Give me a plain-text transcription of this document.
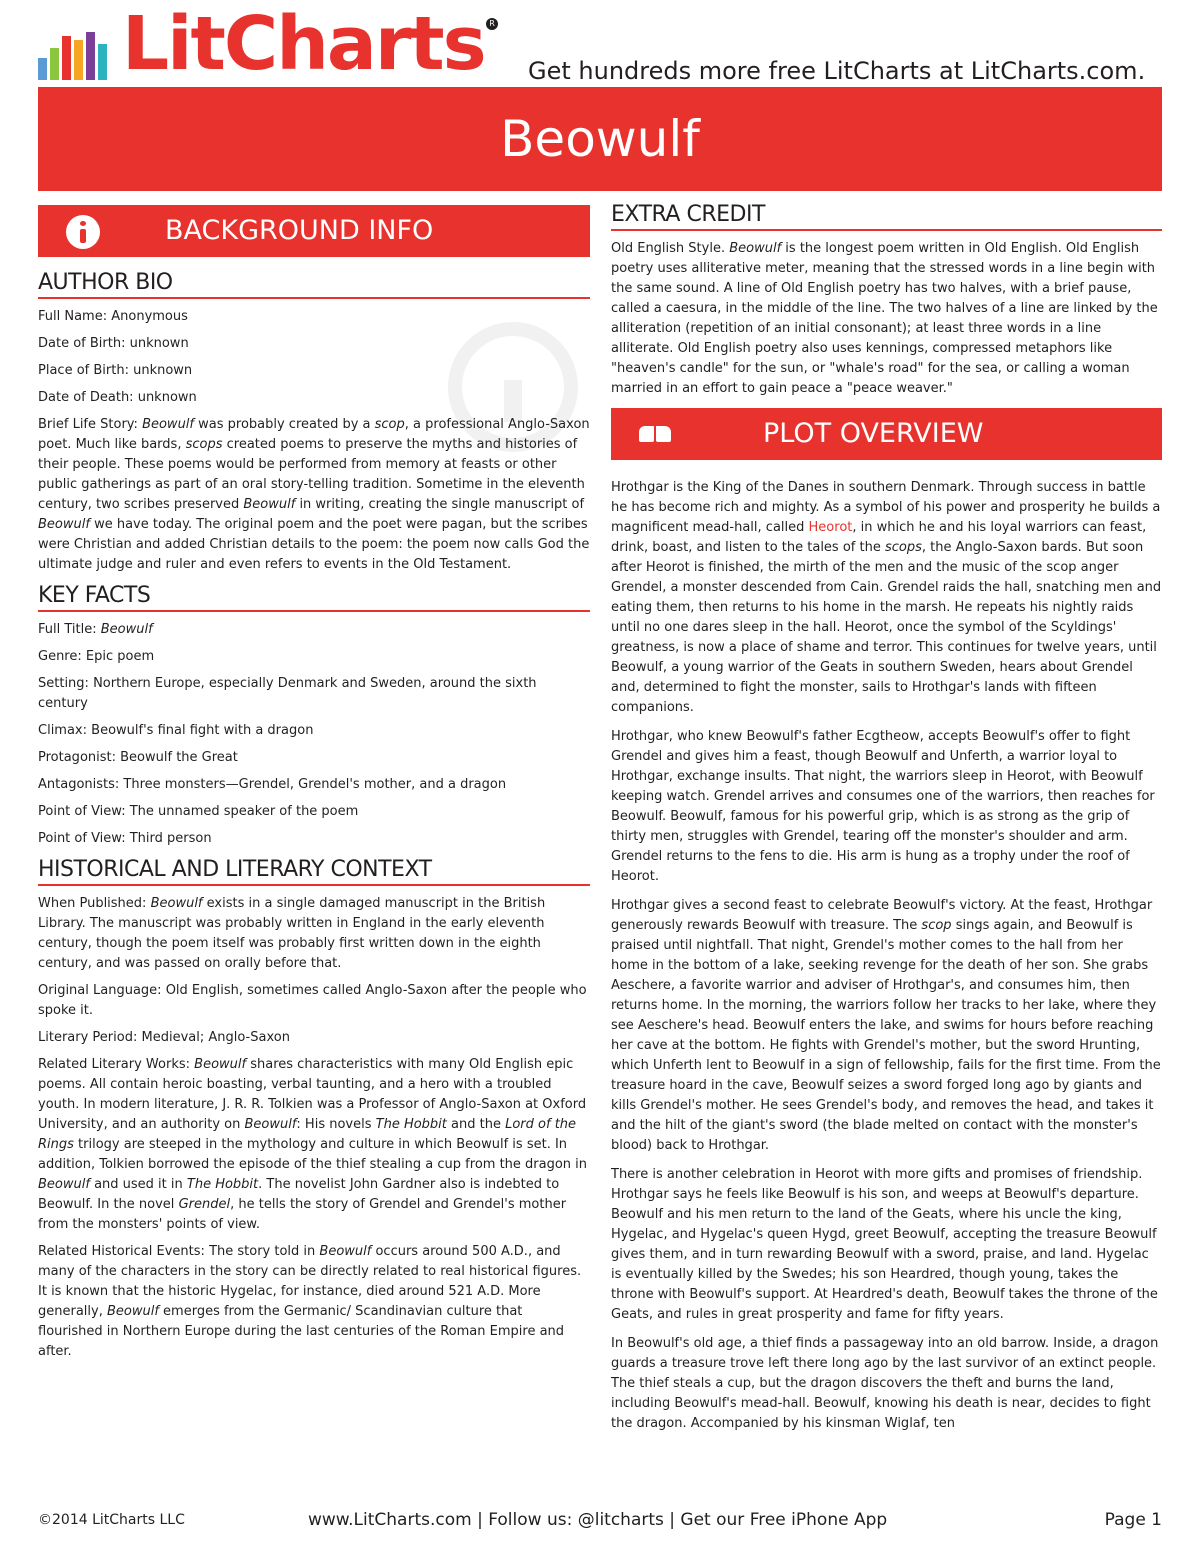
LitCharts R
Get hundreds more free LitCharts at LitCharts.com.
Beowulf
BACKGROUND INFO
AUTHOR BIO
Full Name: Anonymous
Date of Birth: unknown
Place of Birth: unknown
Date of Death: unknown
Brief Life Story: Beowulf was probably created by a scop, a professional Anglo-Saxon poet. Much like bards, scops created poems to preserve the myths and histories of their people. These poems would be performed from memory at feasts or other public gatherings as part of an oral story-telling tradition. Sometime in the eleventh century, two scribes preserved Beowulf in writing, creating the single manuscript of Beowulf we have today. The original poem and the poet were pagan, but the scribes were Christian and added Christian details to the poem: the poem now calls God the ultimate judge and ruler and even refers to events in the Old Testament.
KEY FACTS
Full Title: Beowulf
Genre: Epic poem
Setting: Northern Europe, especially Denmark and Sweden, around the sixth century
Climax: Beowulf's final fight with a dragon
Protagonist: Beowulf the Great
Antagonists: Three monsters—Grendel, Grendel's mother, and a dragon
Point of View: The unnamed speaker of the poem
Point of View: Third person
HISTORICAL AND LITERARY CONTEXT
When Published: Beowulf exists in a single damaged manuscript in the British Library. The manuscript was probably written in England in the early eleventh century, though the poem itself was probably first written down in the eighth century, and was passed on orally before that.
Original Language: Old English, sometimes called Anglo-Saxon after the people who spoke it.
Literary Period: Medieval; Anglo-Saxon
Related Literary Works: Beowulf shares characteristics with many Old English epic poems. All contain heroic boasting, verbal taunting, and a hero with a troubled youth. In modern literature, J. R. R. Tolkien was a Professor of Anglo-Saxon at Oxford University, and an authority on Beowulf: His novels The Hobbit and the Lord of the Rings trilogy are steeped in the mythology and culture in which Beowulf is set. In addition, Tolkien borrowed the episode of the thief stealing a cup from the dragon in Beowulf and used it in The Hobbit. The novelist John Gardner also is indebted to Beowulf. In the novel Grendel, he tells the story of Grendel and Grendel's mother from the monsters' points of view.
Related Historical Events: The story told in Beowulf occurs around 500 A.D., and many of the characters in the story can be directly related to real historical figures. It is known that the historic Hygelac, for instance, died around 521 A.D. More generally, Beowulf emerges from the Germanic/ Scandinavian culture that flourished in Northern Europe during the last centuries of the Roman Empire and after.
EXTRA CREDIT
Old English Style. Beowulf is the longest poem written in Old English. Old English poetry uses alliterative meter, meaning that the stressed words in a line begin with the same sound. A line of Old English poetry has two halves, with a brief pause, called a caesura, in the middle of the line. The two halves of a line are linked by the alliteration (repetition of an initial consonant); at least three words in a line alliterate. Old English poetry also uses kennings, compressed metaphors like "heaven's candle" for the sun, or "whale's road" for the sea, or calling a woman married in an effort to gain peace a "peace weaver."
PLOT OVERVIEW
Hrothgar is the King of the Danes in southern Denmark. Through success in battle he has become rich and mighty. As a symbol of his power and prosperity he builds a magnificent mead-hall, called Heorot, in which he and his loyal warriors can feast, drink, boast, and listen to the tales of the scops, the Anglo-Saxon bards. But soon after Heorot is finished, the mirth of the men and the music of the scop anger Grendel, a monster descended from Cain. Grendel raids the hall, snatching men and eating them, then returns to his home in the marsh. He repeats his nightly raids until no one dares sleep in the hall. Heorot, once the symbol of the Scyldings' greatness, is now a place of shame and terror. This continues for twelve years, until Beowulf, a young warrior of the Geats in southern Sweden, hears about Grendel and, determined to fight the monster, sails to Hrothgar's lands with fifteen companions.
Hrothgar, who knew Beowulf's father Ecgtheow, accepts Beowulf's offer to fight Grendel and gives him a feast, though Beowulf and Unferth, a warrior loyal to Hrothgar, exchange insults. That night, the warriors sleep in Heorot, with Beowulf keeping watch. Grendel arrives and consumes one of the warriors, then reaches for Beowulf. Beowulf, famous for his powerful grip, which is as strong as the grip of thirty men, struggles with Grendel, tearing off the monster's shoulder and arm. Grendel returns to the fens to die. His arm is hung as a trophy under the roof of Heorot.
Hrothgar gives a second feast to celebrate Beowulf's victory. At the feast, Hrothgar generously rewards Beowulf with treasure. The scop sings again, and Beowulf is praised until nightfall. That night, Grendel's mother comes to the hall from her home in the bottom of a lake, seeking revenge for the death of her son. She grabs Aeschere, a favorite warrior and adviser of Hrothgar's, and consumes him, then returns home. In the morning, the warriors follow her tracks to her lake, where they see Aeschere's head. Beowulf enters the lake, and swims for hours before reaching her cave at the bottom. He fights with Grendel's mother, but the sword Hrunting, which Unferth lent to Beowulf in a sign of fellowship, fails for the first time. From the treasure hoard in the cave, Beowulf seizes a sword forged long ago by giants and kills Grendel's mother. He sees Grendel's body, and removes the head, and takes it and the hilt of the giant's sword (the blade melted on contact with the monster's blood) back to Hrothgar.
There is another celebration in Heorot with more gifts and promises of friendship. Hrothgar says he feels like Beowulf is his son, and weeps at Beowulf's departure. Beowulf and his men return to the land of the Geats, where his uncle the king, Hygelac, and Hygelac's queen Hygd, greet Beowulf, accepting the treasure Beowulf gives them, and in turn rewarding Beowulf with a sword, praise, and land. Hygelac is eventually killed by the Swedes; his son Heardred, though young, takes the throne with Beowulf's support. At Heardred's death, Beowulf takes the throne of the Geats, and rules in great prosperity and fame for fifty years.
In Beowulf's old age, a thief finds a passageway into an old barrow. Inside, a dragon guards a treasure trove left there long ago by the last survivor of an extinct people. The thief steals a cup, but the dragon discovers the theft and burns the land, including Beowulf's mead-hall. Beowulf, knowing his death is near, decides to fight the dragon. Accompanied by his kinsman Wiglaf, ten
©2014 LitCharts LLC	www.LitCharts.com | Follow us: @litcharts | Get our Free iPhone App	Page 1
